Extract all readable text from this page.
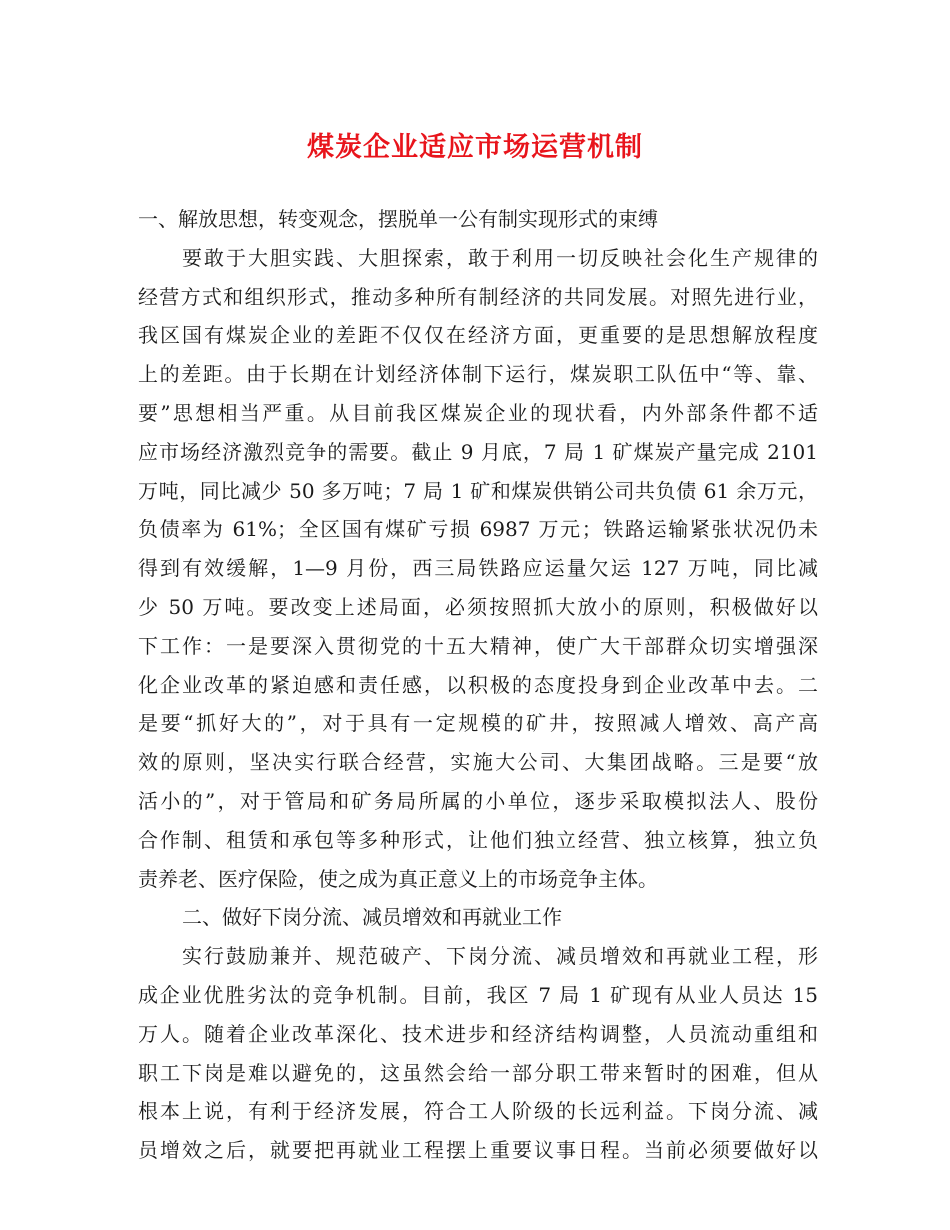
煤炭企业适应市场运营机制
一、解放思想，转变观念，摆脱单一公有制实现形式的束缚
要敢于大胆实践、大胆探索，敢于利用一切反映社会化生产规律的
经营方式和组织形式，推动多种所有制经济的共同发展。对照先进行业，
我区国有煤炭企业的差距不仅仅在经济方面，更重要的是思想解放程度
上的差距。由于长期在计划经济体制下运行，煤炭职工队伍中“等、靠、
要”思想相当严重。从目前我区煤炭企业的现状看，内外部条件都不适
应市场经济激烈竞争的需要。截止 9 月底，7 局 1 矿煤炭产量完成 2101
万吨，同比减少 50 多万吨；7 局 1 矿和煤炭供销公司共负债 61 余万元，
负债率为 61%；全区国有煤矿亏损 6987 万元；铁路运输紧张状况仍未
得到有效缓解，1—9 月份，西三局铁路应运量欠运 127 万吨，同比减
少 50 万吨。要改变上述局面，必须按照抓大放小的原则，积极做好以
下工作：一是要深入贯彻党的十五大精神，使广大干部群众切实增强深
化企业改革的紧迫感和责任感，以积极的态度投身到企业改革中去。二
是要“抓好大的”，对于具有一定规模的矿井，按照减人增效、高产高
效的原则，坚决实行联合经营，实施大公司、大集团战略。三是要“放
活小的”，对于管局和矿务局所属的小单位，逐步采取模拟法人、股份
合作制、租赁和承包等多种形式，让他们独立经营、独立核算，独立负
责养老、医疗保险，使之成为真正意义上的市场竞争主体。
二、做好下岗分流、减员增效和再就业工作
实行鼓励兼并、规范破产、下岗分流、减员增效和再就业工程，形
成企业优胜劣汰的竞争机制。目前，我区 7 局 1 矿现有从业人员达 15
万人。随着企业改革深化、技术进步和经济结构调整，人员流动重组和
职工下岗是难以避免的，这虽然会给一部分职工带来暂时的困难，但从
根本上说，有利于经济发展，符合工人阶级的长远利益。下岗分流、减
员增效之后，就要把再就业工程摆上重要议事日程。当前必须要做好以
